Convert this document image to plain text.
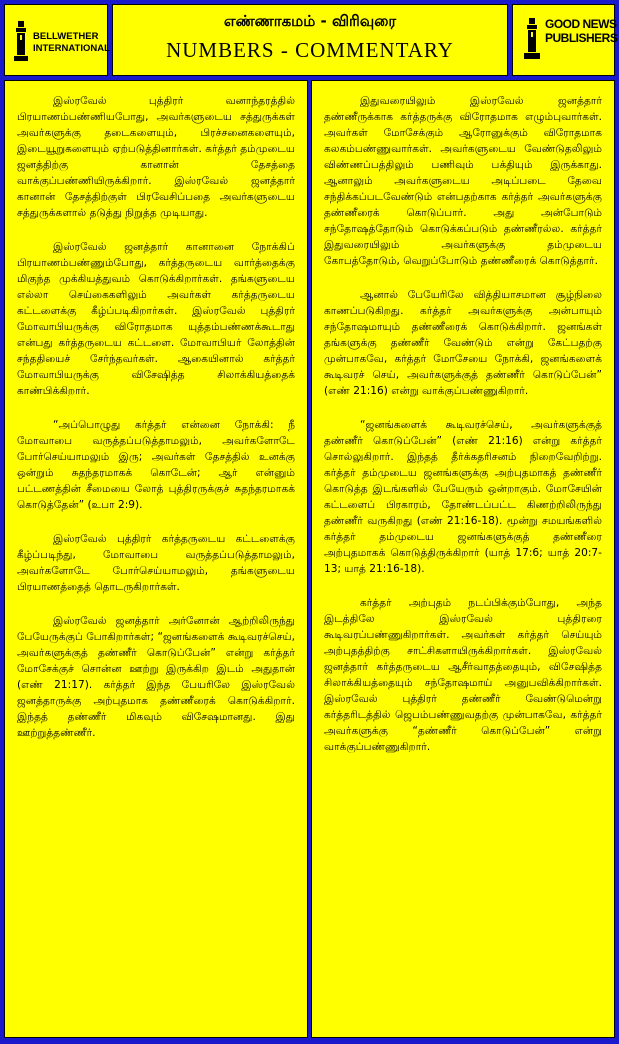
BELLWETHER
INTERNATIONAL
எண்ணாகமம் - விரிவுரை
NUMBERS - COMMENTARY
GOOD NEWS
PUBLISHERS

இஸ்ரவேல் புத்திரர் வனாந்தரத்தில் பிரயாணம்பண்ணியபோது, அவர்களுடைய சத்துருக்கள் அவர்களுக்கு தடைகளையும், பிரச்சனைகளையும், இடையூறுகளையும் ஏற்படுத்தினார்கள். கர்த்தர் தம்முடைய ஜனத்திற்கு கானான் தேசத்தை வாக்குப்பண்ணியிருக்கிறார். இஸ்ரவேல் ஜனத்தார் கானான் தேசத்திற்குள் பிரவேசிப்பதை அவர்களுடைய சத்துருக்களால் தடுத்து நிறுத்த முடியாது.

இஸ்ரவேல் ஜனத்தார் கானானை நோக்கிப் பிரயாணம்பண்ணும்போது, கர்த்தருடைய வார்த்தைக்கு மிகுந்த முக்கியத்துவம் கொடுக்கிறார்கள். தங்களுடைய எல்லா செய்கைகளிலும் அவர்கள் கர்த்தருடைய கட்டளைக்கு கீழ்ப்படிகிறார்கள். இஸ்ரவேல் புத்திரர் மோவாபியருக்கு விரோதமாக யுத்தம்பண்ணக்கூடாது என்பது கர்த்தருடைய கட்டளை. மோவாபியர் லோத்தின் சந்ததியைச் சேர்ந்தவர்கள். ஆகையினால் கர்த்தர் மோவாபியருக்கு விசேஷித்த சிலாக்கியத்தைக் காண்பிக்கிறார்.

“அப்பொழுது கர்த்தர் என்னை நோக்கி: நீ மோவாபை வருத்தப்படுத்தாமலும், அவர்களோடே போர்செய்யாமலும் இரு; அவர்கள் தேசத்தில் உனக்கு ஒன்றும் சுதந்தரமாகக் கொடேன்; ஆர் என்னும் பட்டணத்தின் சீமையை லோத் புத்திரருக்குச் சுதந்தரமாகக் கொடுத்தேன்” (உபா 2:9).

இஸ்ரவேல் புத்திரர் கர்த்தருடைய கட்டளைக்கு கீழ்ப்படிந்து, மோவாபை வருத்தப்படுத்தாமலும், அவர்களோடே போர்செய்யாமலும், தங்களுடைய பிரயாணத்தைத் தொடருகிறார்கள்.

இஸ்ரவேல் ஜனத்தார் அர்னோன் ஆற்றிலிருந்து பேயேருக்குப் போகிறார்கள்; “ஜனங்களைக் கூடிவரச்செய், அவர்களுக்குத் தண்ணீர் கொடுப்பேன்” என்று கர்த்தர் மோசேக்குச் சொன்ன ஊற்று இருக்கிற இடம் அதுதான் (எண் 21:17). கர்த்தர் இந்த பேயரிலே இஸ்ரவேல் ஜனத்தாருக்கு அற்புதமாக தண்ணீரைக் கொடுக்கிறார். இந்தத் தண்ணீர் மிகவும் விசேஷமானது. இது ஊற்றுத்தண்ணீர்.

இதுவரையிலும் இஸ்ரவேல் ஜனத்தார் தண்ணீருக்காக கர்த்தருக்கு விரோதமாக எழும்புவார்கள். அவர்கள் மோசேக்கும் ஆரோனுக்கும் விரோதமாக கலகம்பண்ணுவார்கள். அவர்களுடைய வேண்டுதலிலும் விண்ணப்பத்திலும் பணிவும் பக்தியும் இருக்காது. ஆனாலும் அவர்களுடைய அடிப்படை தேவை சந்திக்கப்படவேண்டும் என்பதற்காக கர்த்தர் அவர்களுக்கு தண்ணீரைக் கொடுப்பார். அது அன்போடும் சந்தோஷத்தோடும் கொடுக்கப்படும் தண்ணீரல்ல. கர்த்தர் இதுவரையிலும் அவர்களுக்கு தம்முடைய கோபத்தோடும், வெறுப்போடும் தண்ணீரைக் கொடுத்தார்.

ஆனால் பேயேரிலே வித்தியாசமான சூழ்நிலை காணப்படுகிறது. கர்த்தர் அவர்களுக்கு அன்பாயும் சந்தோஷமாயும் தண்ணீரைக் கொடுக்கிறார். ஜனங்கள் தங்களுக்கு தண்ணீர் வேண்டும் என்று கேட்பதற்கு முன்பாகவே, கர்த்தர் மோசேயை நோக்கி, ஜனங்களைக் கூடிவரச் செய், அவர்களுக்குத் தண்ணீர் கொடுப்பேன்” (எண் 21:16) என்று வாக்குப்பண்ணுகிறார்.

“ஜனங்களைக் கூடிவரச்செய், அவர்களுக்குத் தண்ணீர் கொடுப்பேன்” (எண் 21:16) என்று கர்த்தர் சொல்லுகிறார். இந்தத் தீர்க்கதரிசனம் நிறைவேறிற்று. கர்த்தர் தம்முடைய ஜனங்களுக்கு அற்புதமாகத் தண்ணீர் கொடுத்த இடங்களில் பேயேரும் ஒன்றாகும். மோசேயின் கட்டளைப் பிரகாரம், தோண்டப்பட்ட கிணற்றிலிருந்து தண்ணீர் வருகிறது (எண் 21:16-18). மூன்று சமயங்களில் கர்த்தர் தம்முடைய ஜனங்களுக்குத் தண்ணீரை அற்புதமாகக் கொடுத்திருக்கிறார் (யாத் 17:6; யாத் 20:7-13; யாத் 21:16-18).

கர்த்தர் அற்புதம் நடப்பிக்கும்போது, அந்த இடத்திலே இஸ்ரவேல் புத்திரரை கூடிவரப்பண்ணுகிறார்கள். அவர்கள் கர்த்தர் செய்யும் அற்புதத்திற்கு சாட்சிகளாயிருக்கிறார்கள். இஸ்ரவேல் ஜனத்தார் கர்த்தருடைய ஆசீர்வாதத்தையும், விசேஷித்த சிலாக்கியத்தையும் சந்தோஷமாய் அனுபவிக்கிறார்கள். இஸ்ரவேல் புத்திரர் தண்ணீர் வேண்டுமென்று கர்த்தரிடத்தில் ஜெபம்பண்ணுவதற்கு முன்பாகவே, கர்த்தர் அவர்களுக்கு “தண்ணீர் கொடுப்பேன்” என்று வாக்குப்பண்ணுகிறார்.
